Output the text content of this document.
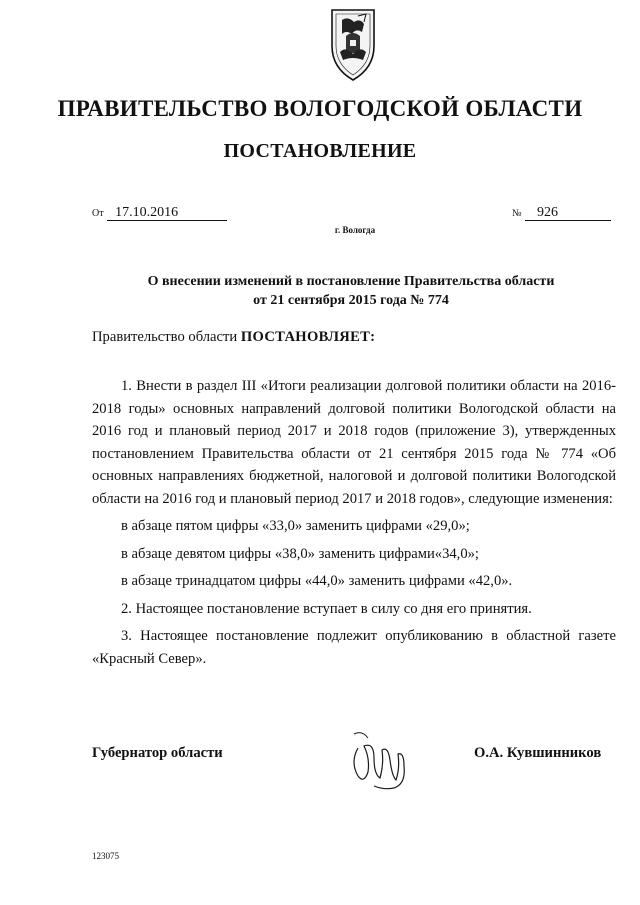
ПРАВИТЕЛЬСТВО ВОЛОГОДСКОЙ ОБЛАСТИ
ПОСТАНОВЛЕНИЕ
От 17.10.2016	№ 926
г. Вологда
О внесении изменений в постановление Правительства области
от 21 сентября 2015 года № 774
Правительство области ПОСТАНОВЛЯЕТ:

1. Внести в раздел III «Итоги реализации долговой политики области на 2016-2018 годы» основных направлений долговой политики Вологодской области на 2016 год и плановый период 2017 и 2018 годов (приложение 3), утвержденных постановлением Правительства области от 21 сентября 2015 года № 774 «Об основных направлениях бюджетной, налоговой и долговой политики Вологодской области на 2016 год и плановый период 2017 и 2018 годов», следующие изменения:

в абзаце пятом цифры «33,0» заменить цифрами «29,0»;

в абзаце девятом цифры «38,0» заменить цифрами«34,0»;

в абзаце тринадцатом цифры «44,0» заменить цифрами «42,0».

2. Настоящее постановление вступает в силу со дня его принятия.

3. Настоящее постановление подлежит опубликованию в областной газете «Красный Север».

Губернатор области	О.А. Кувшинников
123075
